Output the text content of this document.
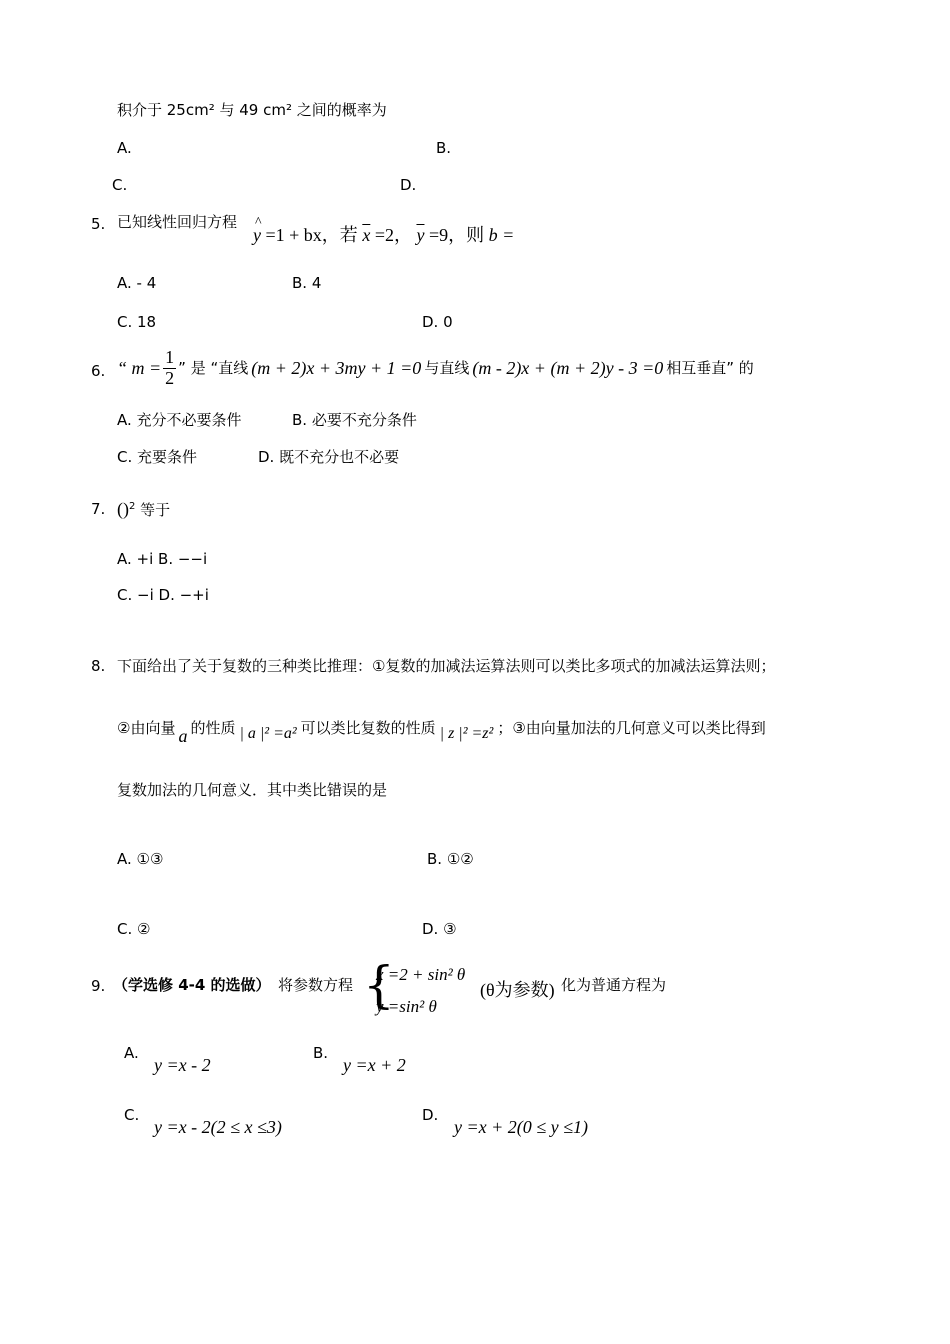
积介于 25cm² 与 49 cm² 之间的概率为
A.	B.
C.	D.
5. 已知线性回归方程
^ y =1 + bx，若 $\overline{x} =2$， $\overline{y} =9$，则 b =
A. - 4	B. 4
C. 18	D. 0
6. “ $m = \frac{1}{2}$ ” 是 “直线 (m + 2)x + 3my + 1 =0 与直线 (m - 2)x + (m + 2)y - 3 =0 相互垂直” 的
A. 充分不必要条件	B. 必要不充分条件
C. 充要条件	D. 既不充分也不必要
7. ()$^2$ 等于
A. +i B. −−i
C. −i D. −+i
8. 下面给出了关于复数的三种类比推理：①复数的加减法运算法则可以类比多项式的加减法运算法则；
②由向量 a 的性质 | a |² =a² 可以类比复数的性质 | z |² =z² ；③由向量加法的几何意义可以类比得到
复数加法的几何意义．其中类比错误的是
A. ①③	B. ①②
C. ②	D. ③
9. （学选修 4-4 的选做） 将参数方程 {
x =2 + sin² θ
y =sin² θ
(θ为参数) 化为普通方程为
A.
y =x - 2
B.
y =x + 2
C.
y =x - 2(2 ≤ x ≤3)
D.
y =x + 2(0 ≤ y ≤1)
